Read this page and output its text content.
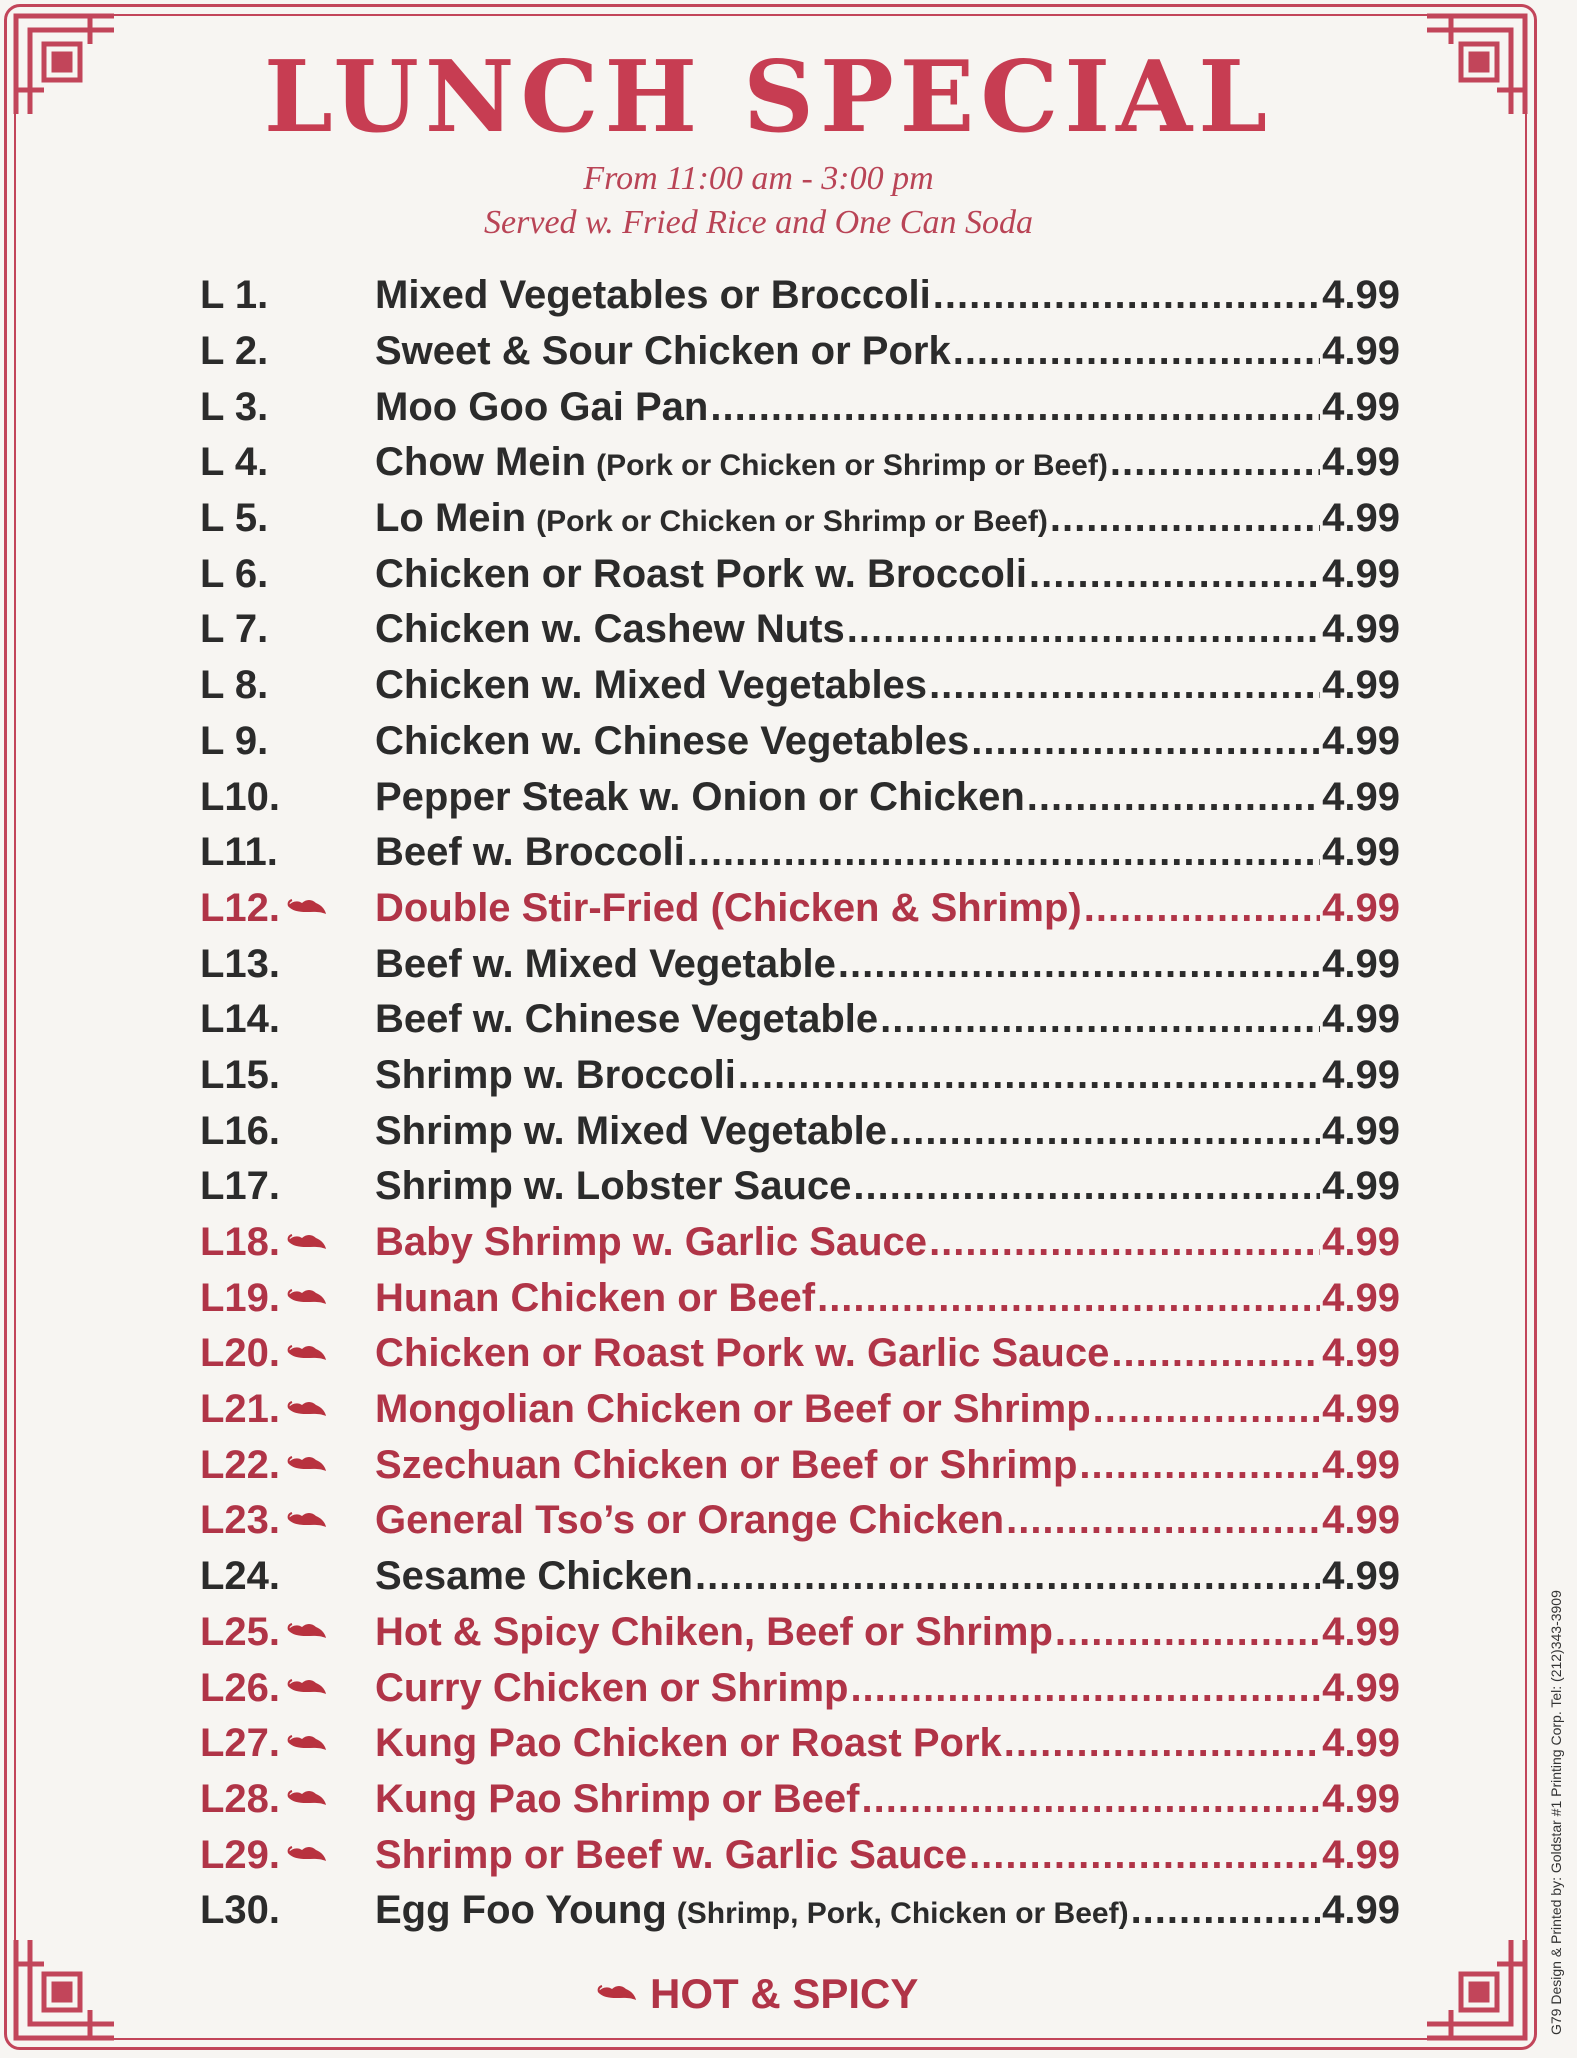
LUNCH SPECIAL
From 11:00 am - 3:00 pm
Served w. Fried Rice and One Can Soda
L 1.	Mixed Vegetables or Broccoli .....	4.99
L 2.	Sweet & Sour Chicken or Pork .....	4.99
L 3.	Moo Goo Gai Pan .....	4.99
L 4.	Chow Mein (Pork or Chicken or Shrimp or Beef) .....	4.99
L 5.	Lo Mein (Pork or Chicken or Shrimp or Beef) .....	4.99
L 6.	Chicken or Roast Pork w. Broccoli .....	4.99
L 7.	Chicken w. Cashew Nuts .....	4.99
L 8.	Chicken w. Mixed Vegetables .....	4.99
L 9.	Chicken w. Chinese Vegetables .....	4.99
L10. Pepper Steak w. Onion or Chicken .....	4.99
L11. Beef w. Broccoli .....	4.99
L12. Double Stir-Fried (Chicken & Shrimp) .....	4.99
L13. Beef w. Mixed Vegetable .....	4.99
L14. Beef w. Chinese Vegetable .....	4.99
L15. Shrimp w. Broccoli .....	4.99
L16. Shrimp w. Mixed Vegetable .....	4.99
L17. Shrimp w. Lobster Sauce .....	4.99
L18. Baby Shrimp w. Garlic Sauce .....	4.99
L19. Hunan Chicken or Beef .....	4.99
L20. Chicken or Roast Pork w. Garlic Sauce .....	4.99
L21. Mongolian Chicken or Beef or Shrimp .....	4.99
L22. Szechuan Chicken or Beef or Shrimp .....	4.99
L23. General Tso’s or Orange Chicken .....	4.99
L24. Sesame Chicken .....	4.99
L25. Hot & Spicy Chiken, Beef or Shrimp .....	4.99
L26. Curry Chicken or Shrimp .....	4.99
L27. Kung Pao Chicken or Roast Pork .....	4.99
L28. Kung Pao Shrimp or Beef .....	4.99
L29. Shrimp or Beef w. Garlic Sauce .....	4.99
L30. Egg Foo Young (Shrimp, Pork, Chicken or Beef) .....	4.99
HOT & SPICY	G79 Design & Printed by: Goldstar #1 Printing Corp. Tel: (212)343-3909
